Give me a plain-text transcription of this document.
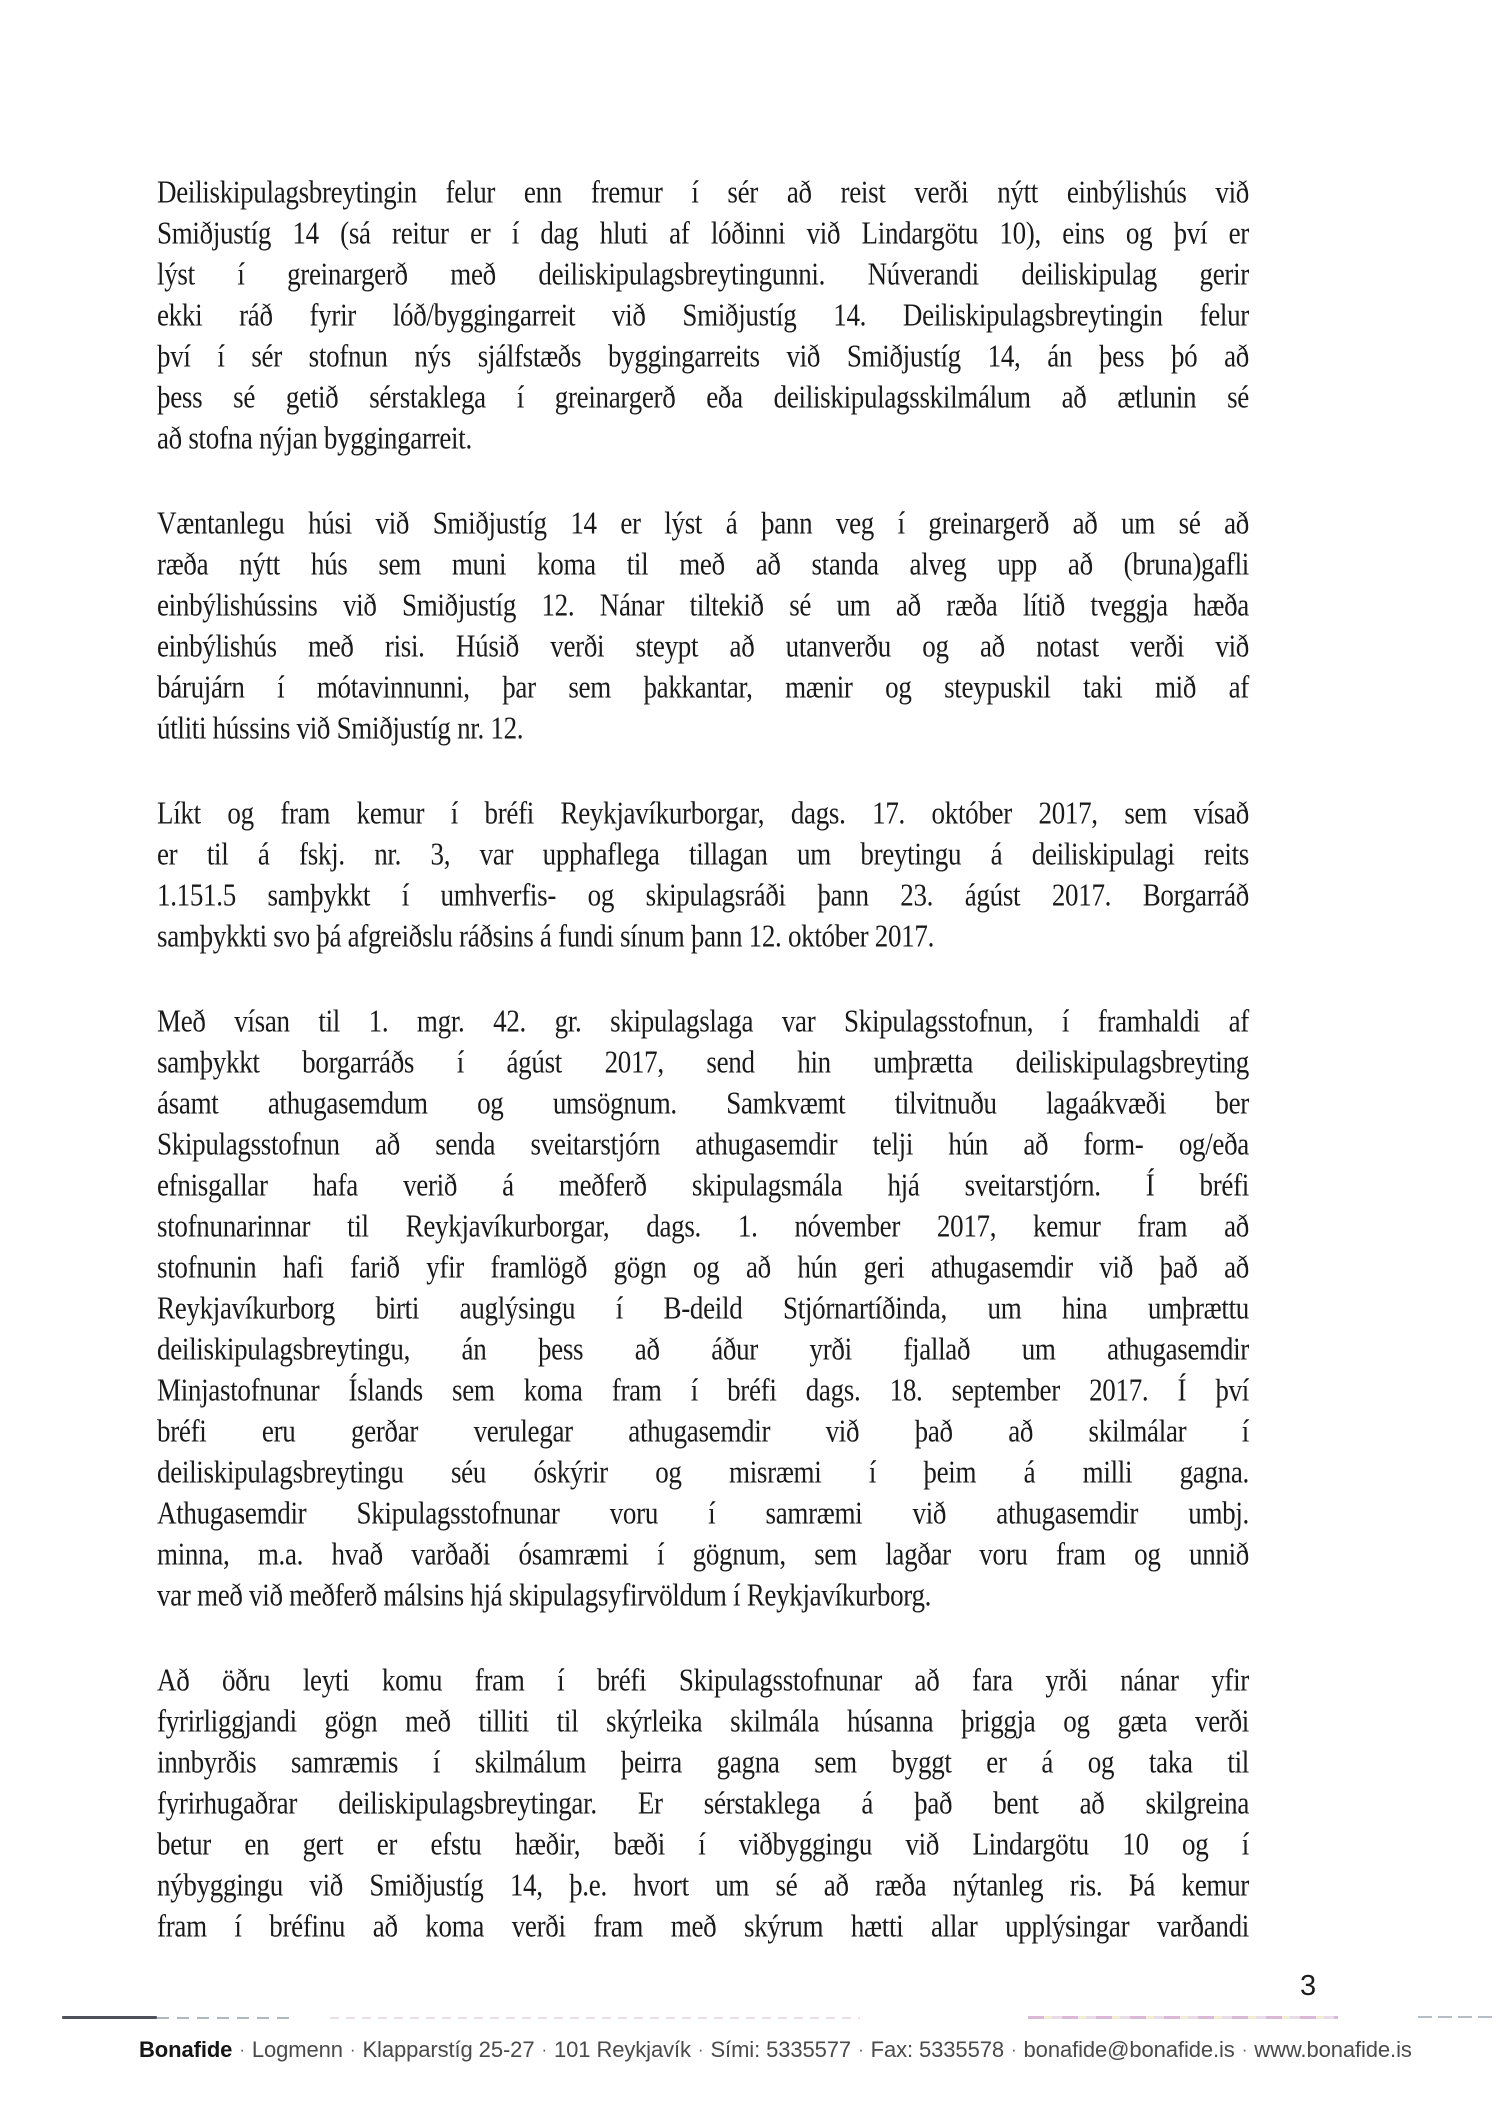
Deiliskipulagsbreytingin felur enn fremur í sér að reist verði nýtt einbýlishús við
Smiðjustíg 14 (sá reitur er í dag hluti af lóðinni við Lindargötu 10), eins og því er
lýst í greinargerð með deiliskipulagsbreytingunni. Núverandi deiliskipulag gerir
ekki ráð fyrir lóð/byggingarreit við Smiðjustíg 14. Deiliskipulagsbreytingin felur
því í sér stofnun nýs sjálfstæðs byggingarreits við Smiðjustíg 14, án þess þó að
þess sé getið sérstaklega í greinargerð eða deiliskipulagsskilmálum að ætlunin sé
að stofna nýjan byggingarreit.
Væntanlegu húsi við Smiðjustíg 14 er lýst á þann veg í greinargerð að um sé að
ræða nýtt hús sem muni koma til með að standa alveg upp að (bruna)gafli
einbýlishússins við Smiðjustíg 12. Nánar tiltekið sé um að ræða lítið tveggja hæða
einbýlishús með risi. Húsið verði steypt að utanverðu og að notast verði við
bárujárn í mótavinnunni, þar sem þakkantar, mænir og steypuskil taki mið af
útliti hússins við Smiðjustíg nr. 12.
Líkt og fram kemur í bréfi Reykjavíkurborgar, dags. 17. október 2017, sem vísað
er til á fskj. nr. 3, var upphaflega tillagan um breytingu á deiliskipulagi reits
1.151.5 samþykkt í umhverfis- og skipulagsráði þann 23. ágúst 2017. Borgarráð
samþykkti svo þá afgreiðslu ráðsins á fundi sínum þann 12. október 2017.
Með vísan til 1. mgr. 42. gr. skipulagslaga var Skipulagsstofnun, í framhaldi af
samþykkt borgarráðs í ágúst 2017, send hin umþrætta deiliskipulagsbreyting
ásamt athugasemdum og umsögnum. Samkvæmt tilvitnuðu lagaákvæði ber
Skipulagsstofnun að senda sveitarstjórn athugasemdir telji hún að form- og/eða
efnisgallar hafa verið á meðferð skipulagsmála hjá sveitarstjórn. Í bréfi
stofnunarinnar til Reykjavíkurborgar, dags. 1. nóvember 2017, kemur fram að
stofnunin hafi farið yfir framlögð gögn og að hún geri athugasemdir við það að
Reykjavíkurborg birti auglýsingu í B-deild Stjórnartíðinda, um hina umþrættu
deiliskipulagsbreytingu, án þess að áður yrði fjallað um athugasemdir
Minjastofnunar Íslands sem koma fram í bréfi dags. 18. september 2017. Í því
bréfi eru gerðar verulegar athugasemdir við það að skilmálar í
deiliskipulagsbreytingu séu óskýrir og misræmi í þeim á milli gagna.
Athugasemdir Skipulagsstofnunar voru í samræmi við athugasemdir umbj.
minna, m.a. hvað varðaði ósamræmi í gögnum, sem lagðar voru fram og unnið
var með við meðferð málsins hjá skipulagsyfirvöldum í Reykjavíkurborg.
Að öðru leyti komu fram í bréfi Skipulagsstofnunar að fara yrði nánar yfir
fyrirliggjandi gögn með tilliti til skýrleika skilmála húsanna þriggja og gæta verði
innbyrðis samræmis í skilmálum þeirra gagna sem byggt er á og taka til
fyrirhugaðrar deiliskipulagsbreytingar. Er sérstaklega á það bent að skilgreina
betur en gert er efstu hæðir, bæði í viðbyggingu við Lindargötu 10 og í
nýbyggingu við Smiðjustíg 14, þ.e. hvort um sé að ræða nýtanleg ris. Þá kemur
fram í bréfinu að koma verði fram með skýrum hætti allar upplýsingar varðandi
3
Bonafide · Logmenn · Klapparstíg 25-27 · 101 Reykjavík · Sími: 5335577 · Fax: 5335578 · bonafide@bonafide.is · www.bonafide.is
